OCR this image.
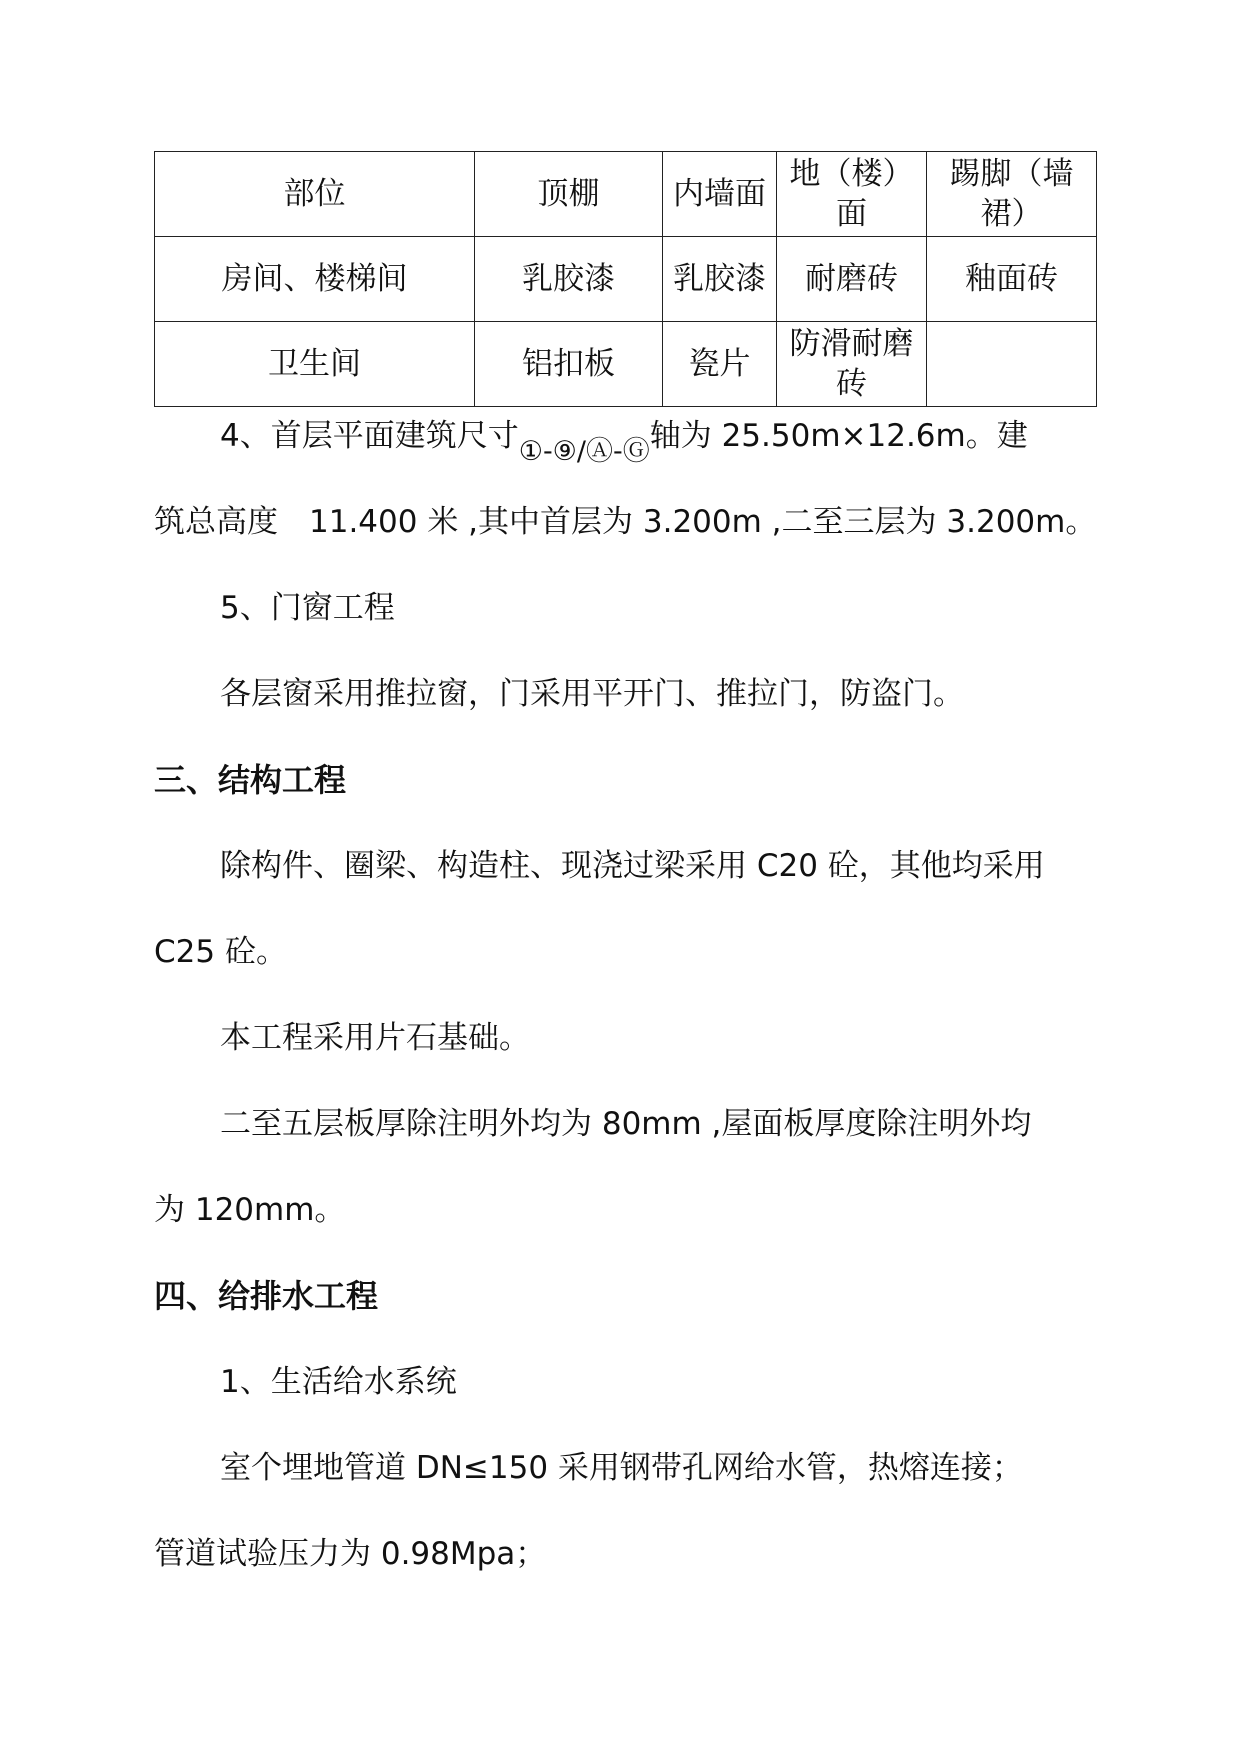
部位	顶棚	内墙面	地（楼）面	踢脚（墙裙）
房间、楼梯间	乳胶漆	乳胶漆	耐磨砖	釉面砖
卫生间	铝扣板	瓷片	防滑耐磨砖	
4、首层平面建筑尺寸①-⑨/Ⓐ-Ⓖ轴为 25.50m×12.6m。建
筑总高度　11.400 米 ,其中首层为 3.200m ,二至三层为 3.200m。
5、门窗工程
各层窗采用推拉窗，门采用平开门、推拉门，防盗门。
三、结构工程
除构件、圈梁、构造柱、现浇过梁采用 C20 砼，其他均采用
C25 砼。
本工程采用片石基础。
二至五层板厚除注明外均为 80mm ,屋面板厚度除注明外均
为 120mm。
四、给排水工程
1、生活给水系统
室个埋地管道 DN≤150 采用钢带孔网给水管，热熔连接；
管道试验压力为 0.98Mpa；
